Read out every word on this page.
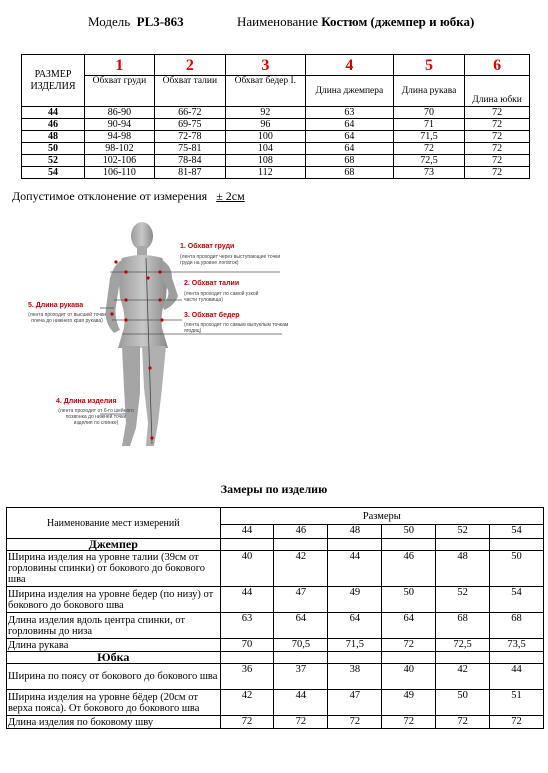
Модель PL3-863	Наименование Костюм (джемпер и юбка)
РАЗМЕР ИЗДЕЛИЯ	1	2	3	4	5	6
	Обхват груди	Обхват талии	Обхват бедер I.	Длина джемпера	Длина рукава	Длина юбки
44	86-90	66-72	92	63	70	72
46	90-94	69-75	96	64	71	72
48	94-98	72-78	100	64	71,5	72
50	98-102	75-81	104	64	72	72
52	102-106	78-84	108	68	72,5	72
54	106-110	81-87	112	68	73	72
Допустимое отклонение от измерения ± 2см
1. Обхват груди
(лента проходит через выступающие точки груди на уровне лопаток)
2. Обхват талии
(лента проходит по самой узкой части туловища)
3. Обхват бедер
(лента проходит по самым выпуклым точкам ягодиц)
5. Длина рукава
(лента проходит от высшей точки плеча до нижнего края рукава)
4. Длина изделия
(лента проходит от 6-го шейного позвонка до нижней точки изделия по спинке)
Замеры по изделию
Наименование мест измерений	Размеры					
	44	46	48	50	52	54
Джемпер						
Ширина изделия на уровне талии (39см от горловины спинки) от бокового до бокового шва	40	42	44	46	48	50
Ширина изделия на уровне бедер (по низу) от бокового до бокового шва	44	47	49	50	52	54
Длина изделия вдоль центра спинки, от горловины до низа	63	64	64	64	68	68
Длина рукава	70	70,5	71,5	72	72,5	73,5
Юбка						
Ширина по поясу от бокового до бокового шва	36	37	38	40	42	44
Ширина изделия на уровне бёдер (20см от верха пояса). От бокового до бокового шва	42	44	47	49	50	51
Длина изделия по боковому шву	72	72	72	72	72	72
